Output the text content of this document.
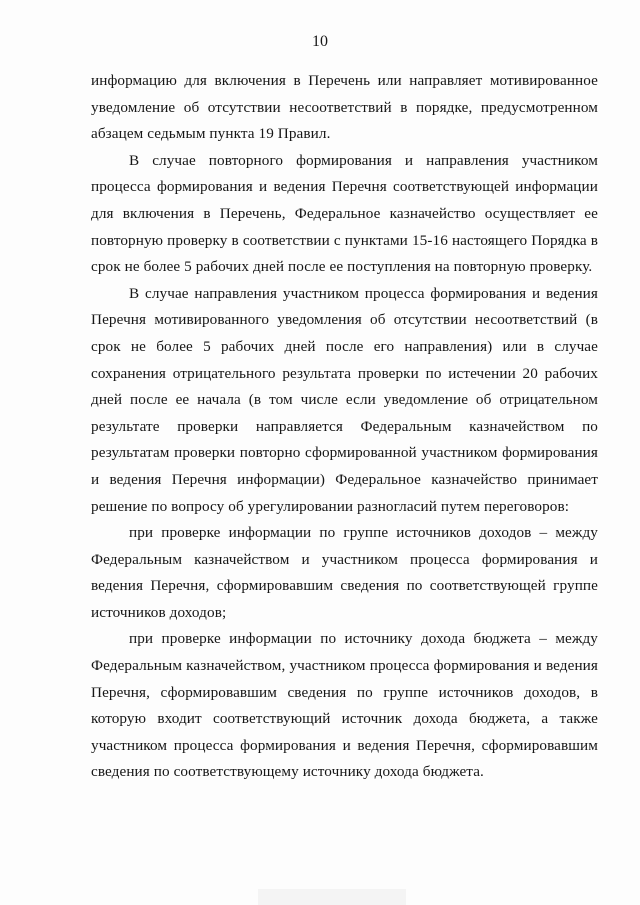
10

информацию для включения в Перечень или направляет мотивированное уведомление об отсутствии несоответствий в порядке, предусмотренном абзацем седьмым пункта 19 Правил.

В случае повторного формирования и направления участником процесса формирования и ведения Перечня соответствующей информации для включения в Перечень, Федеральное казначейство осуществляет ее повторную проверку в соответствии с пунктами 15-16 настоящего Порядка в срок не более 5 рабочих дней после ее поступления на повторную проверку.

В случае направления участником процесса формирования и ведения Перечня мотивированного уведомления об отсутствии несоответствий (в срок не более 5 рабочих дней после его направления) или в случае сохранения отрицательного результата проверки по истечении 20 рабочих дней после ее начала (в том числе если уведомление об отрицательном результате проверки направляется Федеральным казначейством по результатам проверки повторно сформированной участником формирования и ведения Перечня информации) Федеральное казначейство принимает решение по вопросу об урегулировании разногласий путем переговоров:

при проверке информации по группе источников доходов – между Федеральным казначейством и участником процесса формирования и ведения Перечня, сформировавшим сведения по соответствующей группе источников доходов;

при проверке информации по источнику дохода бюджета – между Федеральным казначейством, участником процесса формирования и ведения Перечня, сформировавшим сведения по группе источников доходов, в которую входит соответствующий источник дохода бюджета, а также участником процесса формирования и ведения Перечня, сформировавшим сведения по соответствующему источнику дохода бюджета.
